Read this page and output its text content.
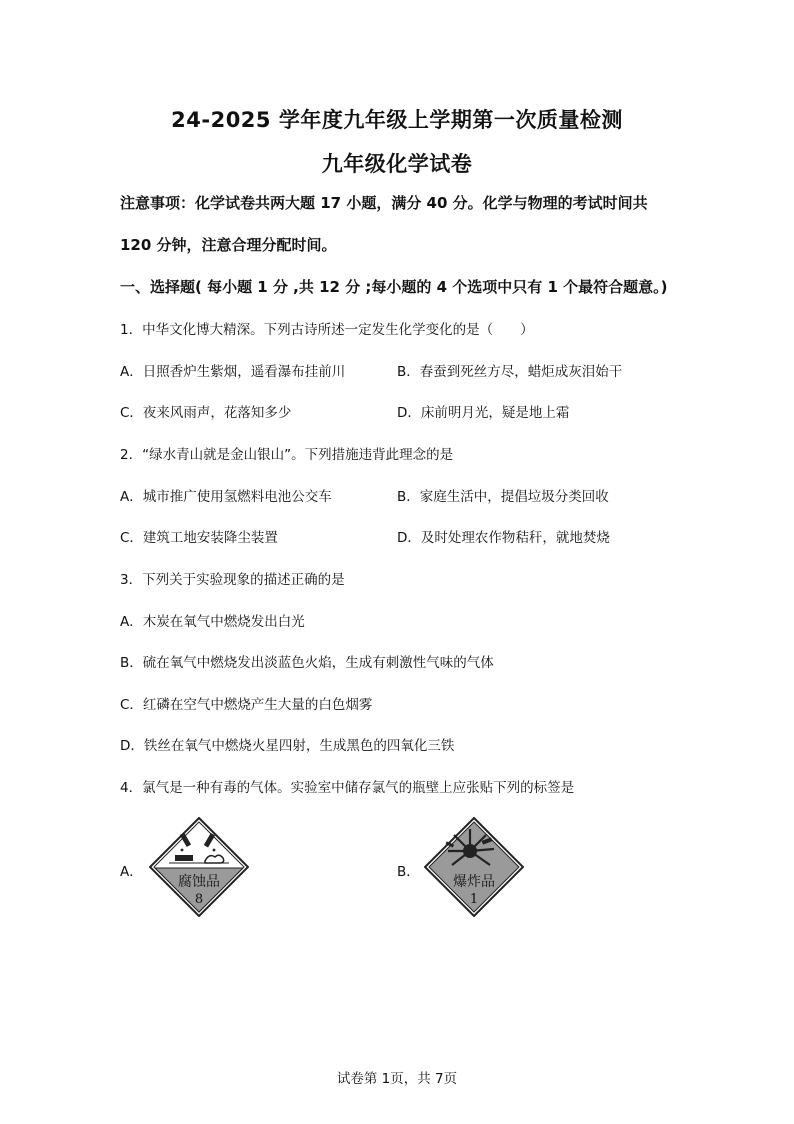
24-2025 学年度九年级上学期第一次质量检测
九年级化学试卷
注意事项：化学试卷共两大题 17 小题，满分 40 分。化学与物理的考试时间共
120 分钟，注意合理分配时间。
一、选择题( 每小题 1 分 ,共 12 分 ;每小题的 4 个选项中只有 1 个最符合题意。)
1．中华文化博大精深。下列古诗所述一定发生化学变化的是（　　）
A．日照香炉生紫烟，遥看瀑布挂前川	B．春蚕到死丝方尽，蜡炬成灰泪始干
C．夜来风雨声，花落知多少	D．床前明月光，疑是地上霜
2．“绿水青山就是金山银山”。下列措施违背此理念的是
A．城市推广使用氢燃料电池公交车	B．家庭生活中，提倡垃圾分类回收
C．建筑工地安装降尘装置	D．及时处理农作物秸秆，就地焚烧
3．下列关于实验现象的描述正确的是
A．木炭在氧气中燃烧发出白光
B．硫在氧气中燃烧发出淡蓝色火焰，生成有刺激性气味的气体
C．红磷在空气中燃烧产生大量的白色烟雾
D．铁丝在氧气中燃烧火星四射，生成黑色的四氧化三铁
4．氯气是一种有毒的气体。实验室中储存氯气的瓶壁上应张贴下列的标签是
A．
腐蚀品
8
B．
爆炸品
1
试卷第 1页，共 7页
